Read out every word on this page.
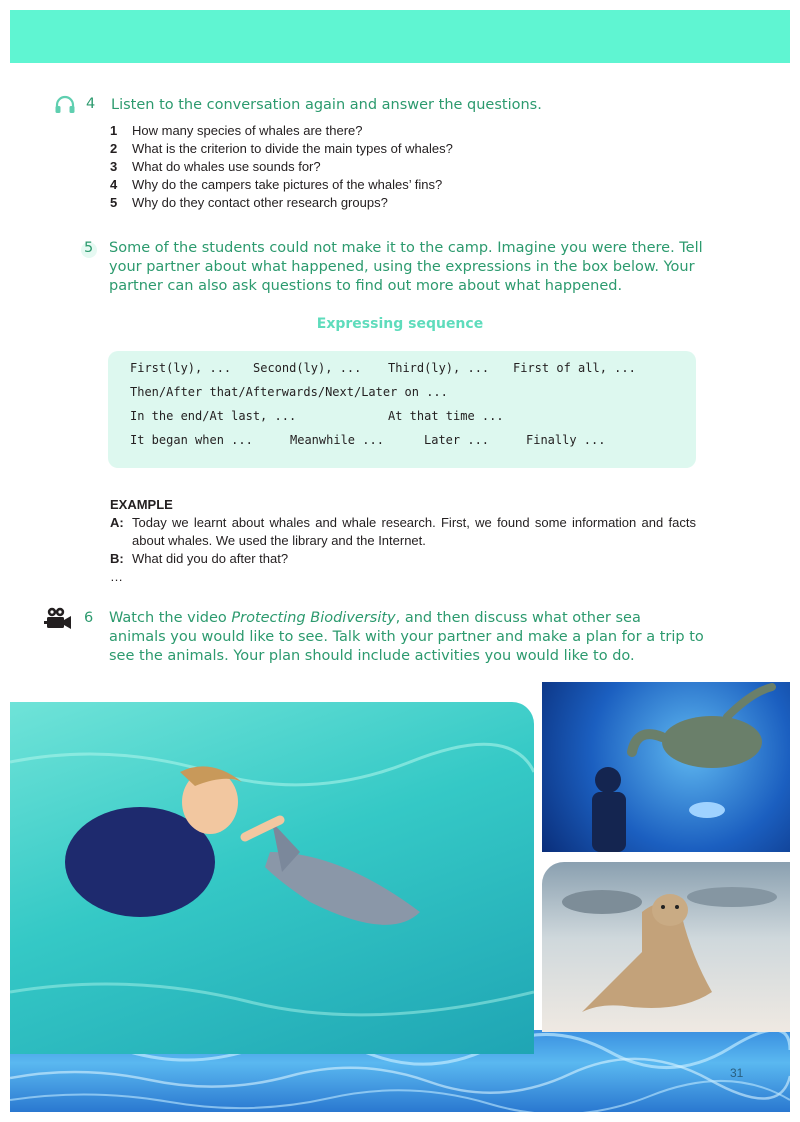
4 Listen to the conversation again and answer the questions.
1	How many species of whales are there?
2	What is the criterion to divide the main types of whales?
3	What do whales use sounds for?
4	Why do the campers take pictures of the whales’ fins?
5	Why do they contact other research groups?
5 Some of the students could not make it to the camp. Imagine you were there. Tell
your partner about what happened, using the expressions in the box below. Your
partner can also ask questions to find out more about what happened.
Expressing sequence
First(ly), ... Second(ly), ... Third(ly), ... First of all, ...
Then/After that/Afterwards/Next/Later on ...
In the end/At last, ...	At that time ...
It began when ...	Meanwhile ...	Later ...	Finally ...
EXAMPLE
A: Today we learnt about whales and whale research. First, we found some information and facts about whales. We used the library and the Internet.
B: What did you do after that?
…
6 Watch the video Protecting Biodiversity, and then discuss what other sea
animals you would like to see. Talk with your partner and make a plan for a trip to
see the animals. Your plan should include activities you would like to do.
31
